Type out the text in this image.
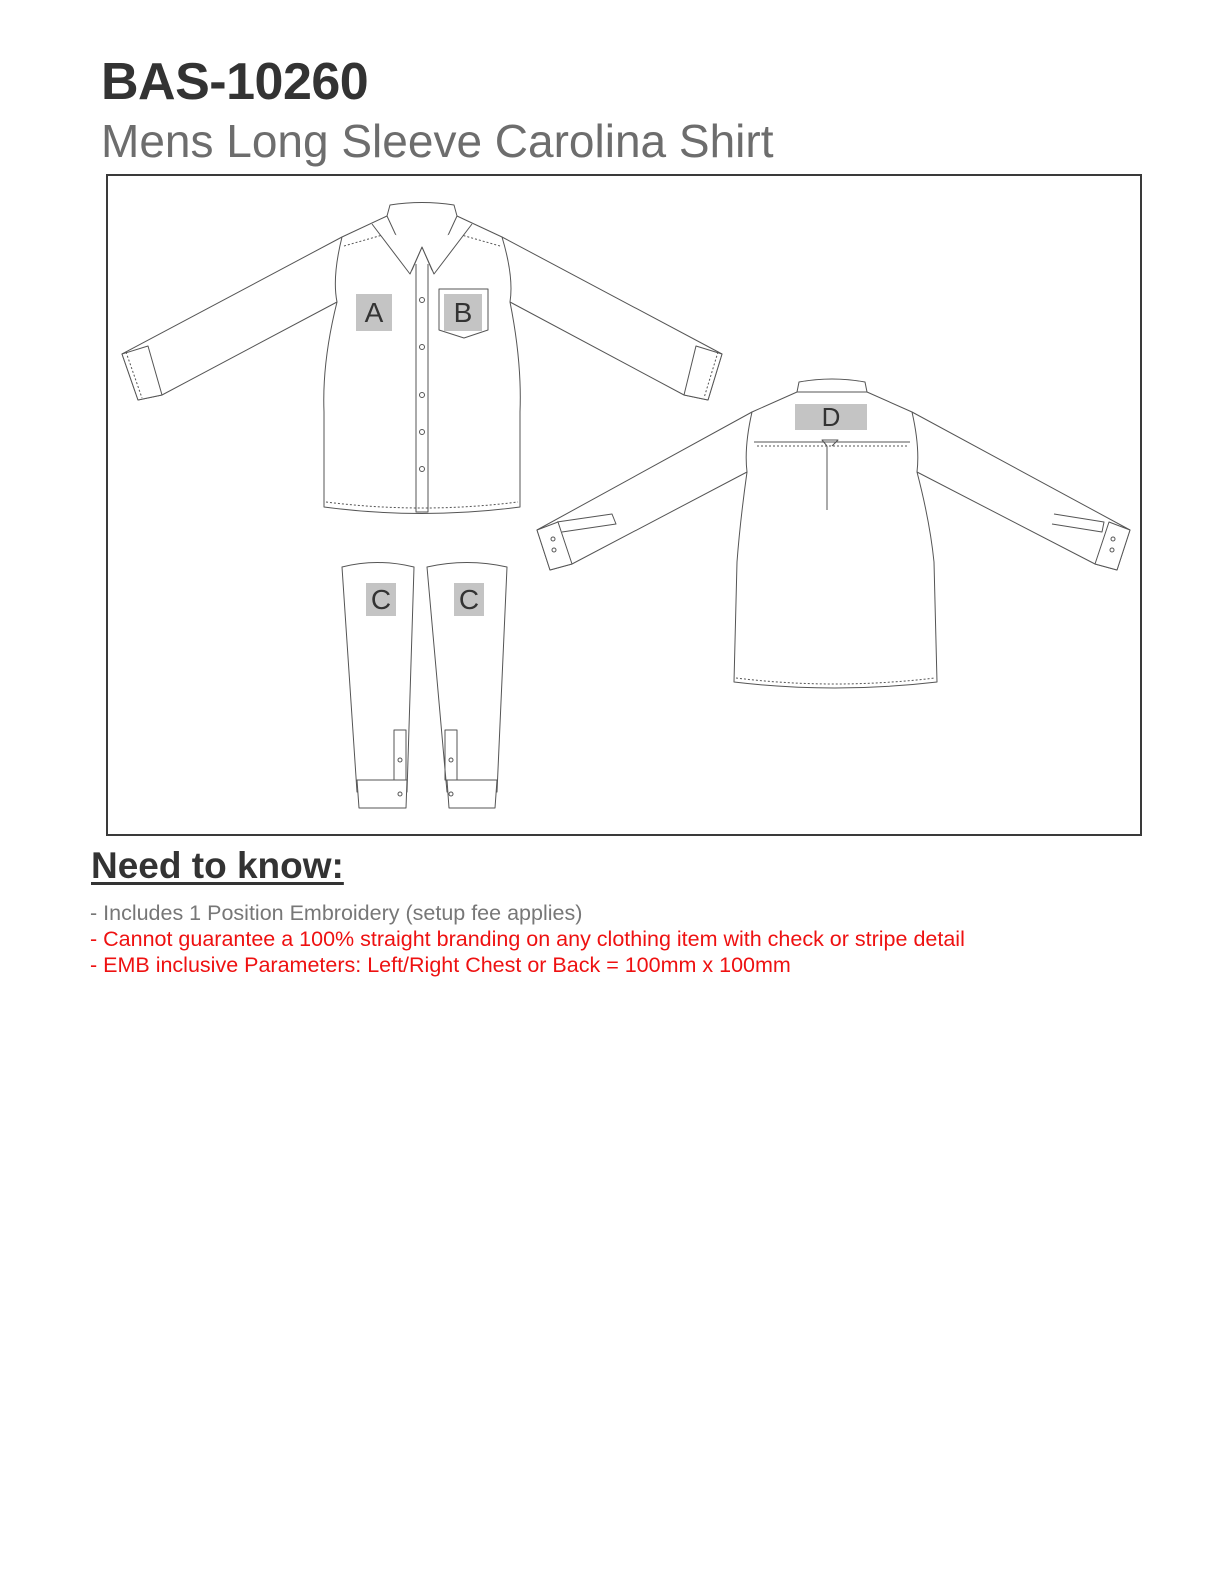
BAS-10260
Mens Long Sleeve Carolina Shirt
A	B
C C
D
Need to know:
- Includes 1 Position Embroidery (setup fee applies)
- Cannot guarantee a 100% straight branding on any clothing item with check or stripe detail
- EMB inclusive Parameters: Left/Right Chest or Back = 100mm x 100mm
